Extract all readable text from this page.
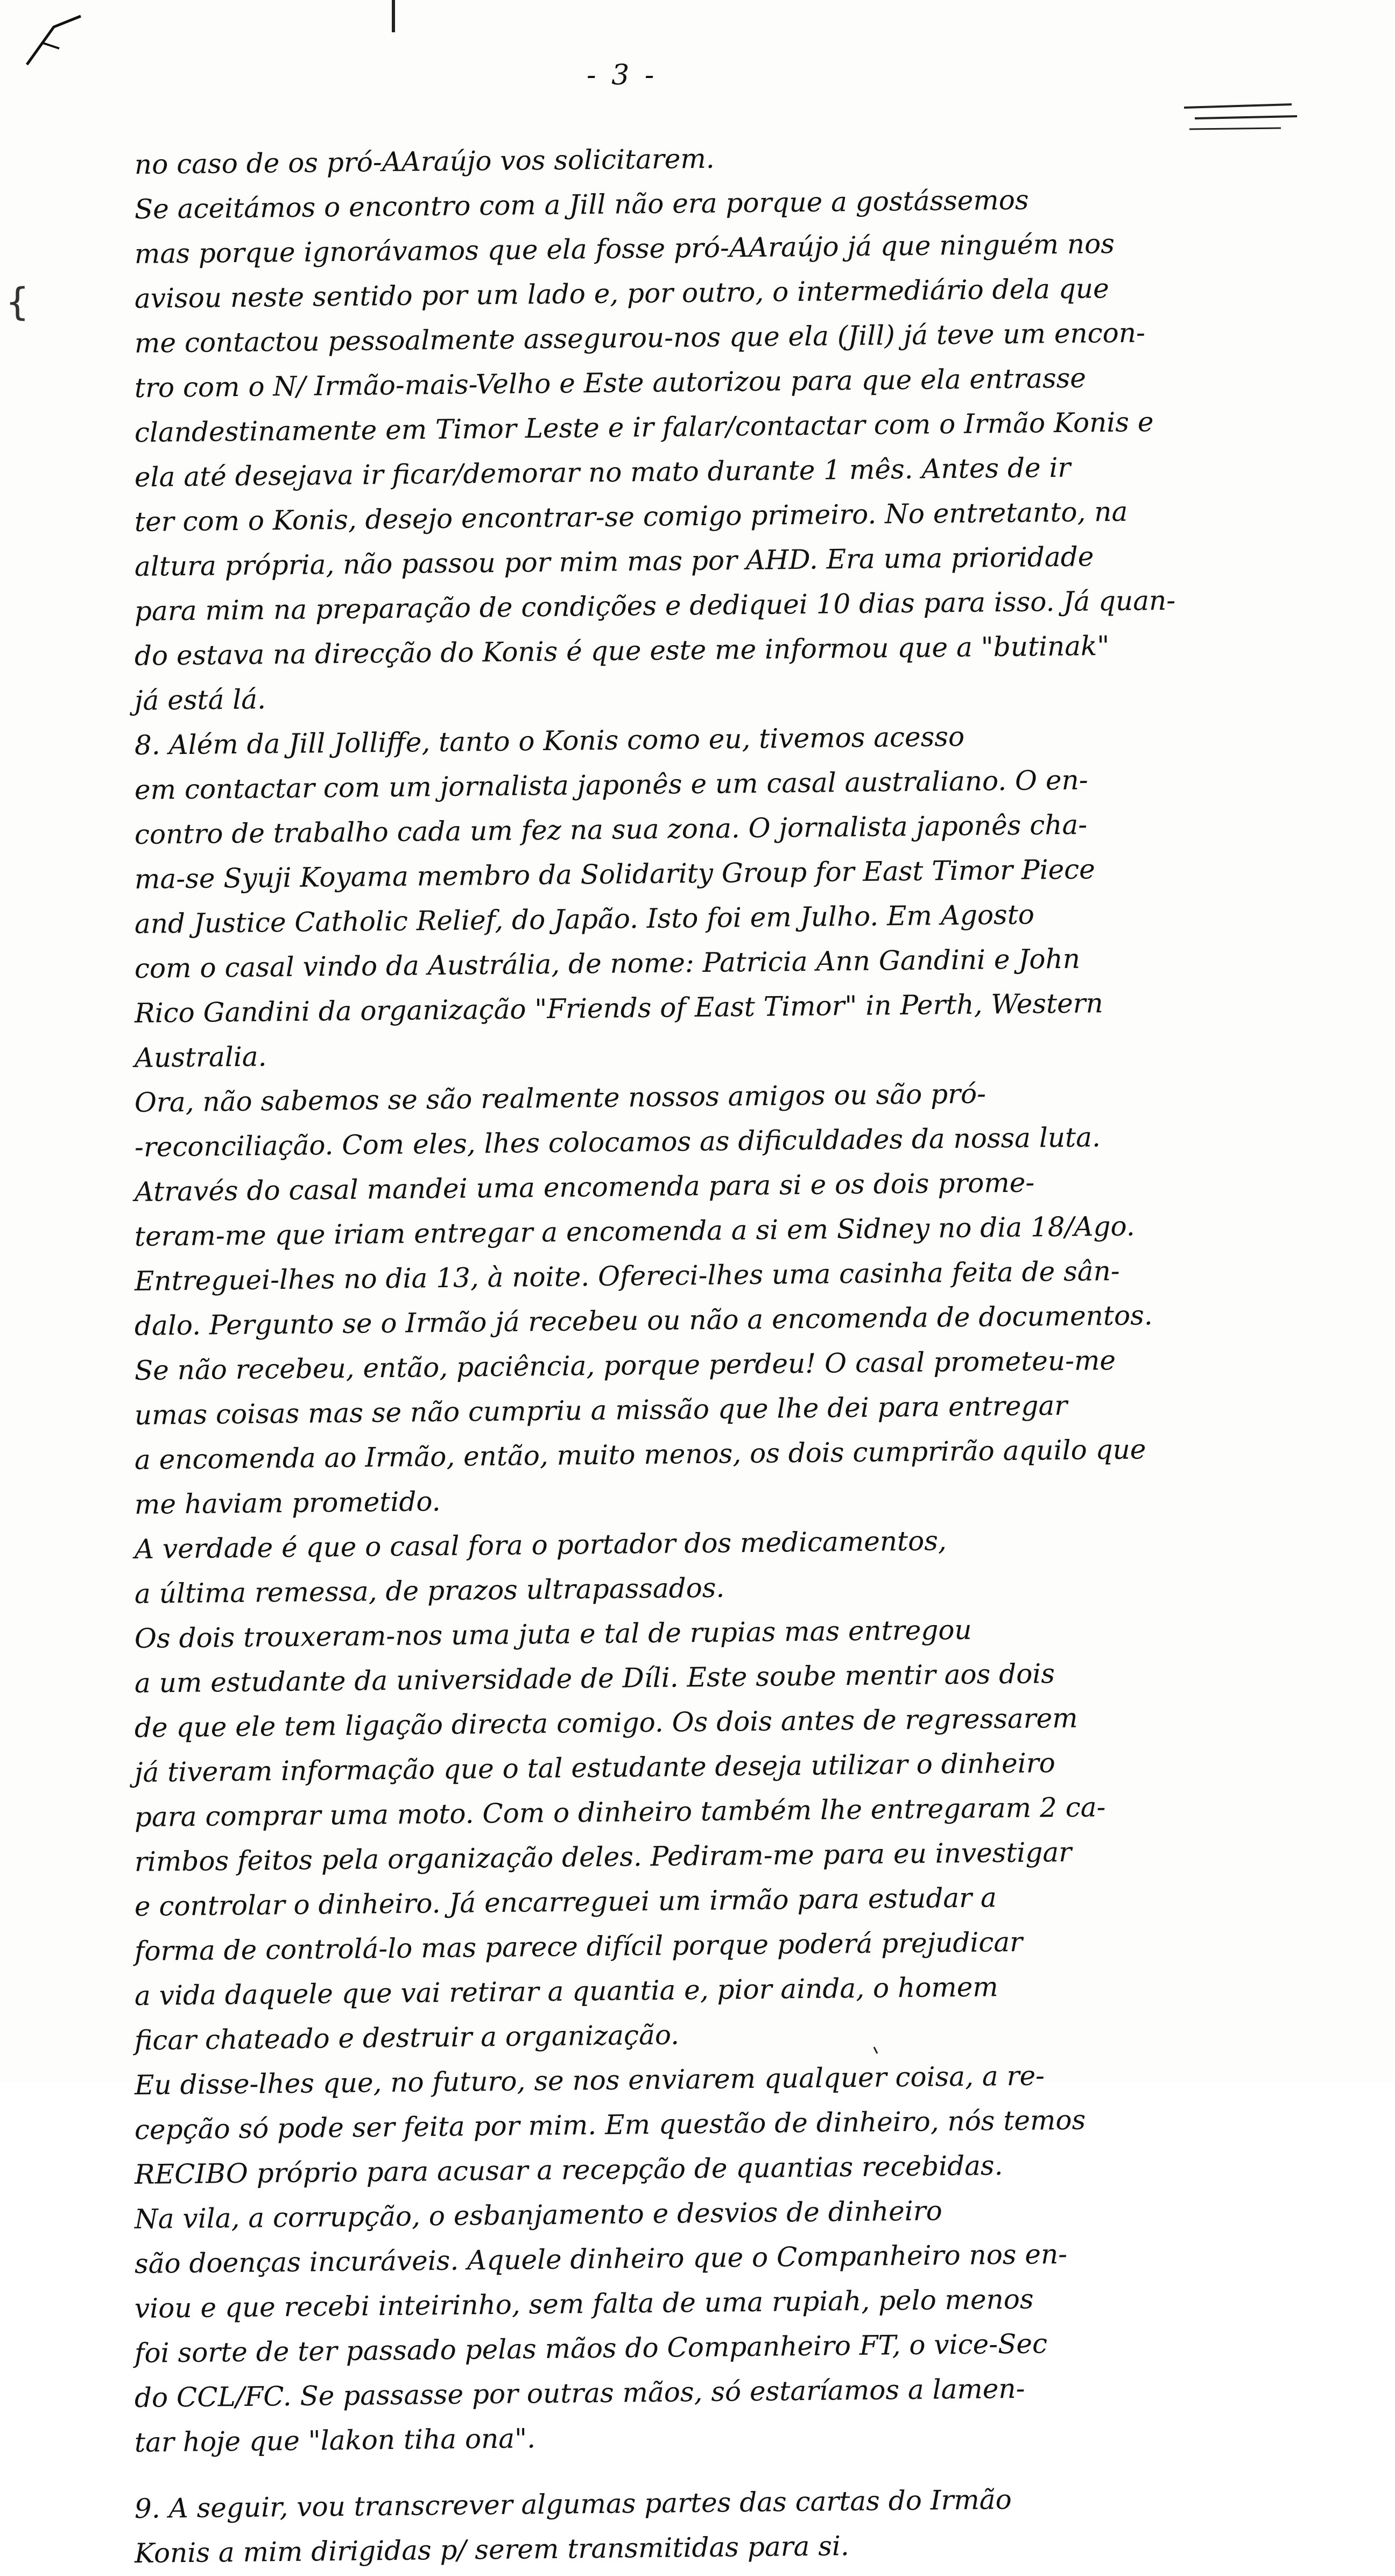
{
- 3 -
no caso de os pró-AAraújo vos solicitarem.
Se aceitámos o encontro com a Jill não era porque a gostássemos
mas porque ignorávamos que ela fosse pró-AAraújo já que ninguém nos
avisou neste sentido por um lado e, por outro, o intermediário dela que
me contactou pessoalmente assegurou-nos que ela (Jill) já teve um encon-
tro com o N/ Irmão-mais-Velho e Este autorizou para que ela entrasse
clandestinamente em Timor Leste e ir falar/contactar com o Irmão Konis e
ela até desejava ir ficar/demorar no mato durante 1 mês. Antes de ir
ter com o Konis, desejo encontrar-se comigo primeiro. No entretanto, na
altura própria, não passou por mim mas por AHD. Era uma prioridade
para mim na preparação de condições e dediquei 10 dias para isso. Já quan-
do estava na direcção do Konis é que este me informou que a "butinak"
já está lá.
8. Além da Jill Jolliffe, tanto o Konis como eu, tivemos acesso
em contactar com um jornalista japonês e um casal australiano. O en-
contro de trabalho cada um fez na sua zona. O jornalista japonês cha-
ma-se Syuji Koyama membro da Solidarity Group for East Timor Piece
and Justice Catholic Relief, do Japão. Isto foi em Julho. Em Agosto
com o casal vindo da Austrália, de nome: Patricia Ann Gandini e John
Rico Gandini da organização "Friends of East Timor" in Perth, Western
Australia.
Ora, não sabemos se são realmente nossos amigos ou são pró-
-reconciliação. Com eles, lhes colocamos as dificuldades da nossa luta.
Através do casal mandei uma encomenda para si e os dois prome-
teram-me que iriam entregar a encomenda a si em Sidney no dia 18/Ago.
Entreguei-lhes no dia 13, à noite. Ofereci-lhes uma casinha feita de sân-
dalo. Pergunto se o Irmão já recebeu ou não a encomenda de documentos.
Se não recebeu, então, paciência, porque perdeu! O casal prometeu-me
umas coisas mas se não cumpriu a missão que lhe dei para entregar
a encomenda ao Irmão, então, muito menos, os dois cumprirão aquilo que
me haviam prometido.
A verdade é que o casal fora o portador dos medicamentos,
a última remessa, de prazos ultrapassados.
Os dois trouxeram-nos uma juta e tal de rupias mas entregou
a um estudante da universidade de Díli. Este soube mentir aos dois
de que ele tem ligação directa comigo. Os dois antes de regressarem
já tiveram informação que o tal estudante deseja utilizar o dinheiro
para comprar uma moto. Com o dinheiro também lhe entregaram 2 ca-
rimbos feitos pela organização deles. Pediram-me para eu investigar
e controlar o dinheiro. Já encarreguei um irmão para estudar a
forma de controlá-lo mas parece difícil porque poderá prejudicar
a vida daquele que vai retirar a quantia e, pior ainda, o homem
ficar chateado e destruir a organização.
Eu disse-lhes que, no futuro, se nos enviarem qualquer coisa, a re-
cepção só pode ser feita por mim. Em questão de dinheiro, nós temos
RECIBO próprio para acusar a recepção de quantias recebidas.
Na vila, a corrupção, o esbanjamento e desvios de dinheiro
são doenças incuráveis. Aquele dinheiro que o Companheiro nos en-
viou e que recebi inteirinho, sem falta de uma rupiah, pelo menos
foi sorte de ter passado pelas mãos do Companheiro FT, o vice-Sec
do CCL/FC. Se passasse por outras mãos, só estaríamos a lamen-
tar hoje que "lakon tiha ona".
9. A seguir, vou transcrever algumas partes das cartas do Irmão
Konis a mim dirigidas p/ serem transmitidas para si.
